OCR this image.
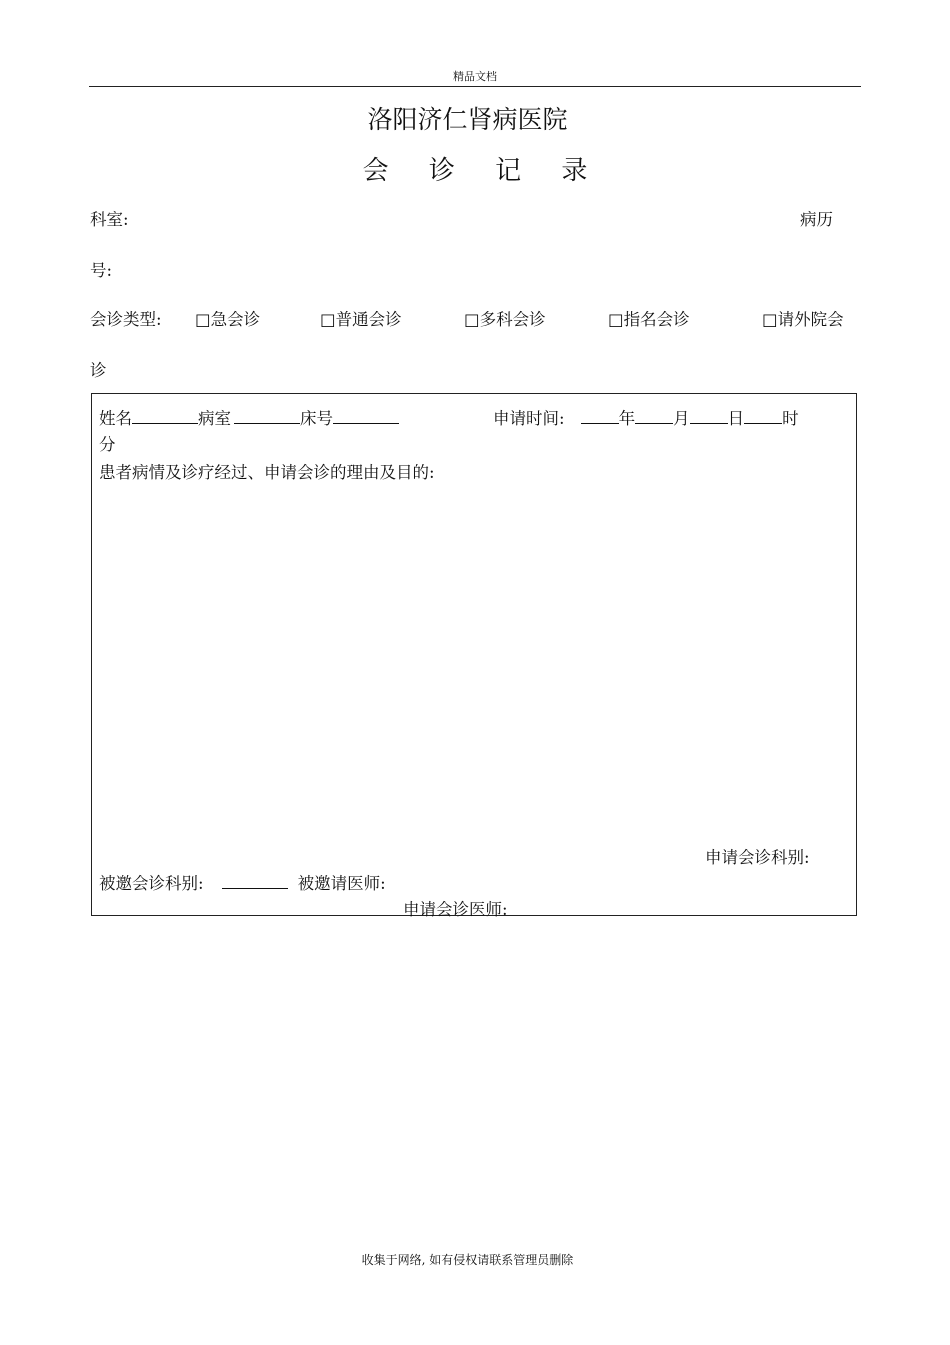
精品文档
洛阳济仁肾病医院
会 诊 记 录
科室:	病历
号:
会诊类型: □急会诊	□普通会诊	□多科会诊	□指名会诊	□请外院会
诊
姓名	病室	床号	申请时间:	年 月 日 时
分
患者病情及诊疗经过、申请会诊的理由及目的:
申请会诊科别:
被邀会诊科别:	被邀请医师:
申请会诊医师:
收集于网络, 如有侵权请联系管理员删除
